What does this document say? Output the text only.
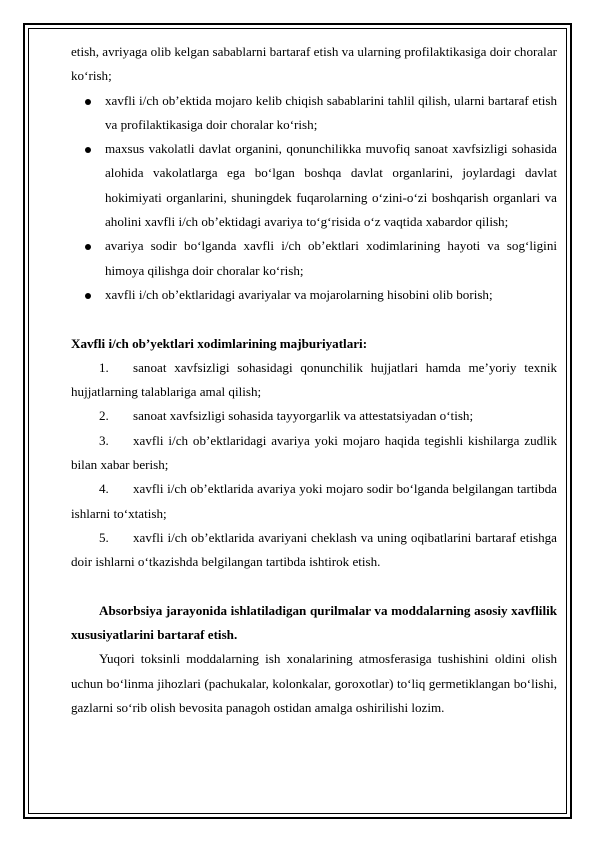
etish, avriyaga olib kelgan sabablarni bartaraf etish va ularning profilaktikasiga doir choralar ko‘rish;

xavfli i/ch ob’ektida mojaro kelib chiqish sabablarini tahlil qilish, ularni bartaraf etish va profilaktikasiga doir choralar ko‘rish;

maxsus vakolatli davlat organini, qonunchilikka muvofiq sanoat xavfsizligi sohasida alohida vakolatlarga ega bo‘lgan boshqa davlat organlarini, joylardagi davlat hokimiyati organlarini, shuningdek fuqarolarning o‘zini-o‘zi boshqarish organlari va aholini xavfli i/ch ob’ektidagi avariya to‘g‘risida o‘z vaqtida xabardor qilish;

avariya sodir bo‘lganda xavfli i/ch ob’ektlari xodimlarining hayoti va sog‘ligini himoya qilishga doir choralar ko‘rish;

xavfli i/ch ob’ektlaridagi avariyalar va mojarolarning hisobini olib borish;

Xavfli i/ch ob’yektlari xodimlarining majburiyatlari:

1. sanoat xavfsizligi sohasidagi qonunchilik hujjatlari hamda me’yoriy texnik hujjatlarning talablariga amal qilish;

2. sanoat xavfsizligi sohasida tayyorgarlik va attestatsiyadan o‘tish;

3. xavfli i/ch ob’ektlaridagi avariya yoki mojaro haqida tegishli kishilarga zudlik bilan xabar berish;

4. xavfli i/ch ob’ektlarida avariya yoki mojaro sodir bo‘lganda belgilangan tartibda ishlarni to‘xtatish;

5. xavfli i/ch ob’ektlarida avariyani cheklash va uning oqibatlarini bartaraf etishga doir ishlarni o‘tkazishda belgilangan tartibda ishtirok etish.

Absorbsiya jarayonida ishlatiladigan qurilmalar va moddalarning asosiy xavflilik xususiyatlarini bartaraf etish.

Yuqori toksinli moddalarning ish xonalarining atmosferasiga tushishini oldini olish uchun bo‘linma jihozlari (pachukalar, kolonkalar, goroxotlar) to‘liq germetiklangan bo‘lishi, gazlarni so‘rib olish bevosita panagoh ostidan amalga oshirilishi lozim.
